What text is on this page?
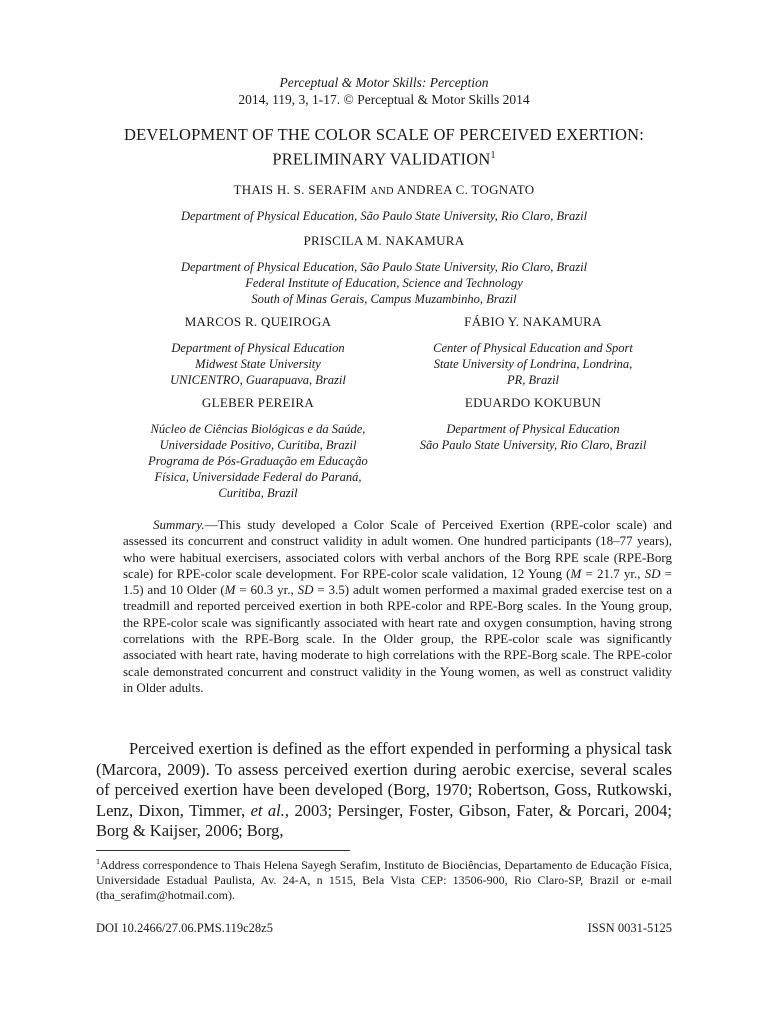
Perceptual & Motor Skills: Perception
2014, 119, 3, 1-17. © Perceptual & Motor Skills 2014
DEVELOPMENT OF THE COLOR SCALE OF PERCEIVED EXERTION:
PRELIMINARY VALIDATION$^1$
THAIS H. S. SERAFIM AND ANDREA C. TOGNATO
Department of Physical Education, São Paulo State University, Rio Claro, Brazil
PRISCILA M. NAKAMURA
Department of Physical Education, São Paulo State University, Rio Claro, Brazil
Federal Institute of Education, Science and Technology
South of Minas Gerais, Campus Muzambinho, Brazil
MARCOS R. QUEIROGA
Department of Physical Education
Midwest State University
UNICENTRO, Guarapuava, Brazil
GLEBER PEREIRA
Núcleo de Ciências Biológicas e da Saúde,
Universidade Positivo, Curitiba, Brazil
Programa de Pós-Graduação em Educação
Física, Universidade Federal do Paraná,
Curitiba, Brazil
FÁBIO Y. NAKAMURA
Center of Physical Education and Sport
State University of Londrina, Londrina,
PR, Brazil
EDUARDO KOKUBUN
Department of Physical Education
São Paulo State University, Rio Claro, Brazil
Summary.—This study developed a Color Scale of Perceived Exertion (RPE-color scale) and assessed its concurrent and construct validity in adult women. One hundred participants (18–77 years), who were habitual exercisers, associated colors with verbal anchors of the Borg RPE scale (RPE-Borg scale) for RPE-color scale development. For RPE-color scale validation, 12 Young (M = 21.7 yr., SD = 1.5) and 10 Older (M = 60.3 yr., SD = 3.5) adult women performed a maximal graded exercise test on a treadmill and reported perceived exertion in both RPE-color and RPE-Borg scales. In the Young group, the RPE-color scale was significantly associated with heart rate and oxygen consumption, having strong correlations with the RPE-Borg scale. In the Older group, the RPE-color scale was significantly associated with heart rate, having moderate to high correlations with the RPE-Borg scale. The RPE-color scale demonstrated concurrent and construct validity in the Young women, as well as construct validity in Older adults.
Perceived exertion is defined as the effort expended in performing a physical task (Marcora, 2009). To assess perceived exertion during aerobic exercise, several scales of perceived exertion have been developed (Borg, 1970; Robertson, Goss, Rutkowski, Lenz, Dixon, Timmer, et al., 2003; Persinger, Foster, Gibson, Fater, & Porcari, 2004; Borg & Kaijser, 2006; Borg,
$^1$Address correspondence to Thais Helena Sayegh Serafim, Instituto de Biociências, Departamento de Educação Física, Universidade Estadual Paulista, Av. 24-A, n 1515, Bela Vista CEP: 13506-900, Rio Claro-SP, Brazil or e-mail (tha_serafim@hotmail.com).
DOI 10.2466/27.06.PMS.119c28z5	ISSN 0031-5125
